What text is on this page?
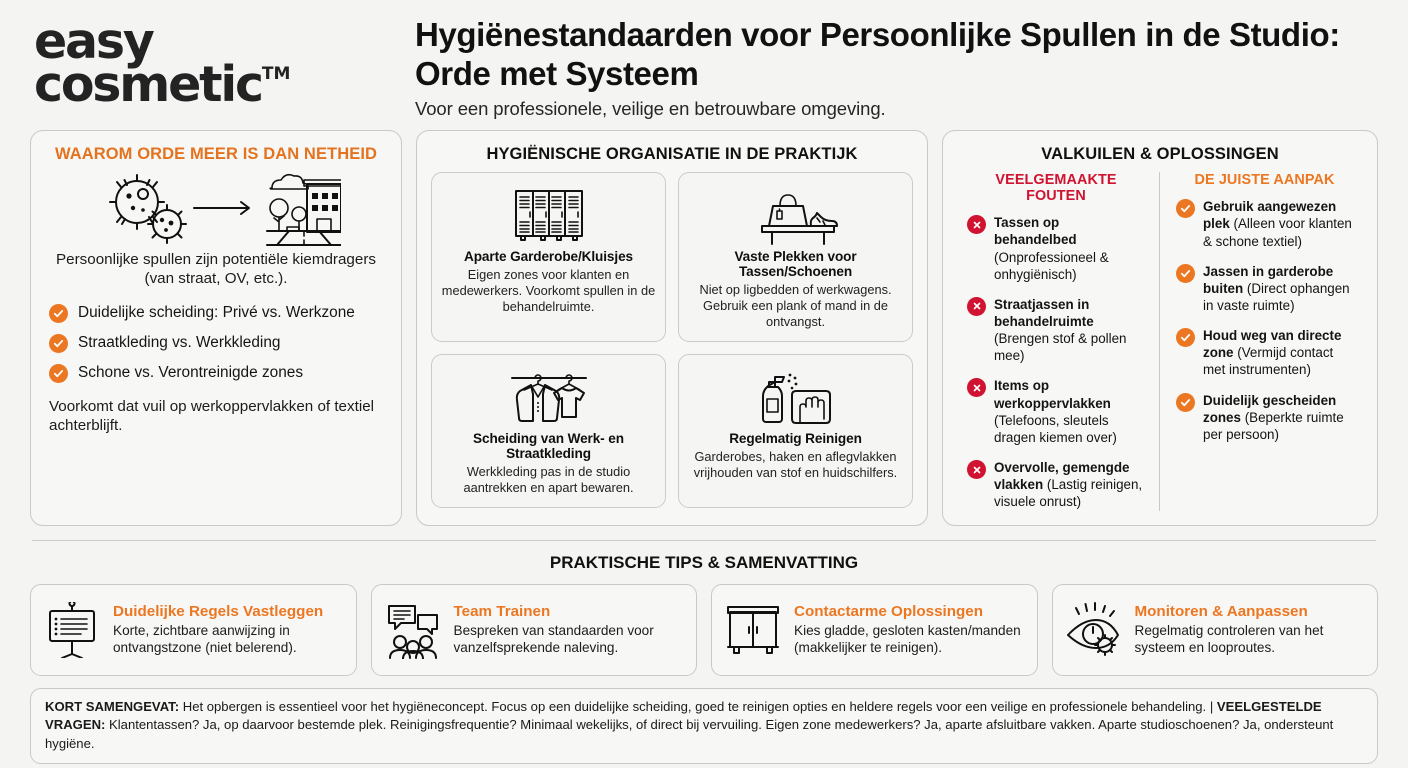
easy
cosmetic™
Hygiënestandaarden voor Persoonlijke Spullen in de Studio: Orde met Systeem
Voor een professionele, veilige en betrouwbare omgeving.
WAAROM ORDE MEER IS DAN NETHEID
Persoonlijke spullen zijn potentiële kiemdragers (van straat, OV, etc.).
Duidelijke scheiding: Privé vs. Werkzone
Straatkleding vs. Werkkleding
Schone vs. Verontreinigde zones
Voorkomt dat vuil op werkoppervlakken of textiel achterblijft.
HYGIËNISCHE ORGANISATIE IN DE PRAKTIJK
Aparte Garderobe/Kluisjes
Eigen zones voor klanten en medewerkers. Voorkomt spullen in de behandelruimte.
Vaste Plekken voor Tassen/Schoenen
Niet op ligbedden of werkwagens. Gebruik een plank of mand in de ontvangst.
Scheiding van Werk- en Straatkleding
Werkkleding pas in de studio aantrekken en apart bewaren.
Regelmatig Reinigen
Garderobes, haken en aflegvlakken vrijhouden van stof en huidschilfers.
VALKUILEN & OPLOSSINGEN
VEELGEMAAKTE FOUTEN
Tassen op behandelbed (Onprofessioneel & onhygiënisch)
Straatjassen in behandelruimte (Brengen stof & pollen mee)
Items op werkoppervlakken (Telefoons, sleutels dragen kiemen over)
Overvolle, gemengde vlakken (Lastig reinigen, visuele onrust)
DE JUISTE AANPAK
Gebruik aangewezen plek (Alleen voor klanten & schone textiel)
Jassen in garderobe buiten (Direct ophangen in vaste ruimte)
Houd weg van directe zone (Vermijd contact met instrumenten)
Duidelijk gescheiden zones (Beperkte ruimte per persoon)
PRAKTISCHE TIPS & SAMENVATTING
Duidelijke Regels Vastleggen
Korte, zichtbare aanwijzing in ontvangstzone (niet belerend).
Team Trainen
Bespreken van standaarden voor vanzelfsprekende naleving.
Contactarme Oplossingen
Kies gladde, gesloten kasten/manden (makkelijker te reinigen).
Monitoren & Aanpassen
Regelmatig controleren van het systeem en looproutes.
KORT SAMENGEVAT: Het opbergen is essentieel voor het hygiëneconcept. Focus op een duidelijke scheiding, goed te reinigen opties en heldere regels voor een veilige en professionele behandeling. | VEELGESTELDE VRAGEN: Klantentassen? Ja, op daarvoor bestemde plek. Reinigingsfrequentie? Minimaal wekelijks, of direct bij vervuiling. Eigen zone medewerkers? Ja, aparte afsluitbare vakken. Aparte studioschoenen? Ja, ondersteunt hygiëne.
